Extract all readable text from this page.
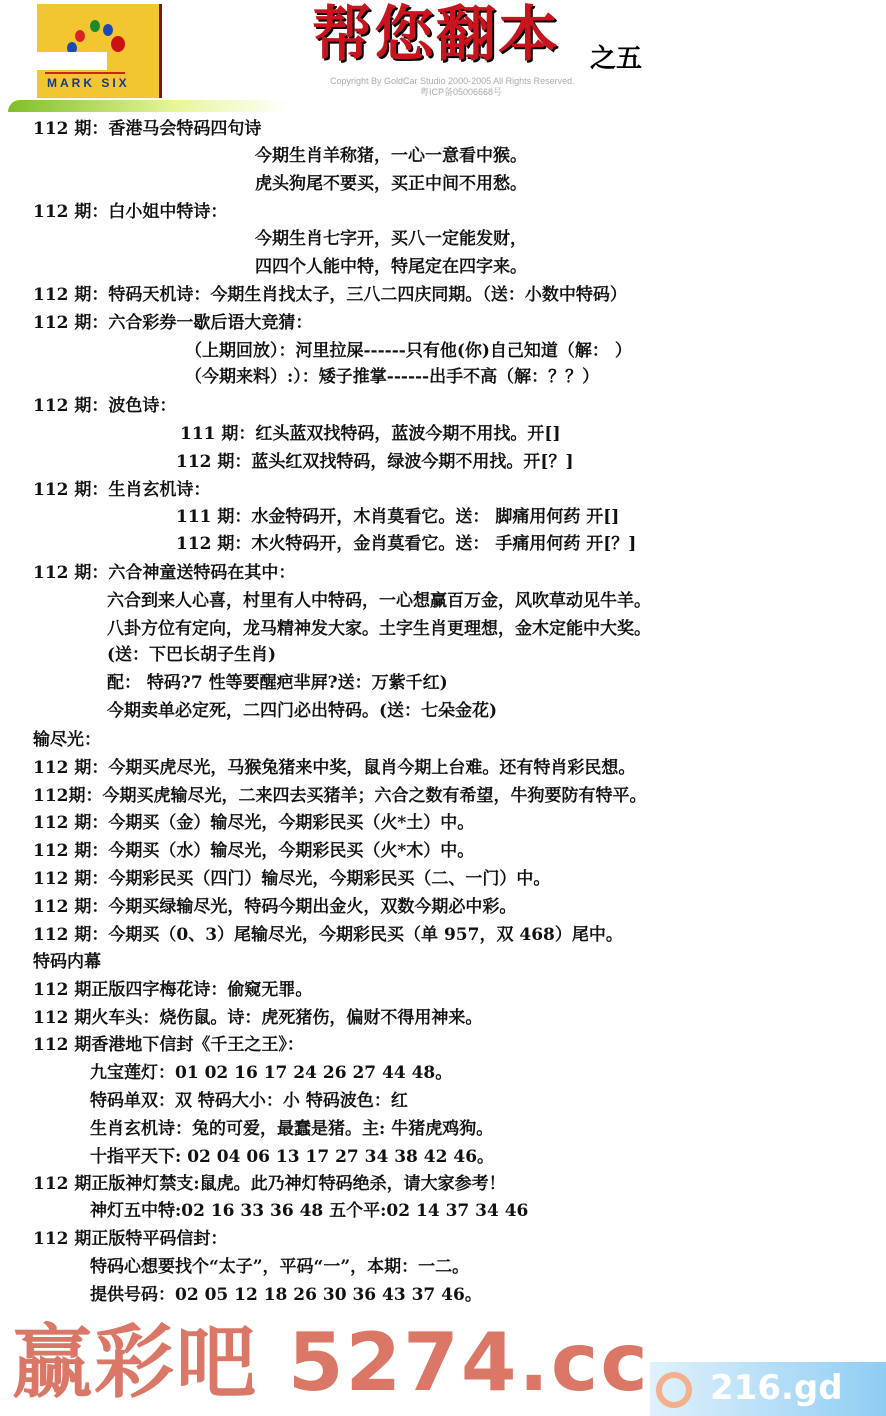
MARK SIX	Copyright By GoldCar Studio 2000-2005 All Rights Reserved.
粤ICP备05006668号
帮您翻本 之五
112 期：香港马会特码四句诗
今期生肖羊称猪，一心一意看中猴。
虎头狗尾不要买，买正中间不用愁。
112 期：白小姐中特诗：
今期生肖七字开，买八一定能发财，
四四个人能中特，特尾定在四字来。
112 期：特码天机诗：今期生肖找太子，三八二四庆同期。（送：小数中特码）
112 期：六合彩券一歇后语大竞猜：
（上期回放）：河里拉屎------只有他(你)自己知道（解： ）
（今期来料）:）：矮子推掌------出手不高（解：？？）
112 期：波色诗：
111 期：红头蓝双找特码，蓝波今期不用找。开[]
112 期：蓝头红双找特码，绿波今期不用找。开[？]
112 期：生肖玄机诗：
111 期：水金特码开，木肖莫看它。送： 脚痛用何药 开[]
112 期：木火特码开，金肖莫看它。送： 手痛用何药 开[？]
112 期：六合神童送特码在其中：
六合到来人心喜，村里有人中特码，一心想赢百万金，风吹草动见牛羊。
八卦方位有定向，龙马精神发大家。土字生肖更理想，金木定能中大奖。
(送：下巴长胡子生肖)
配： 特码?7 性等要醒疤芈屛?送：万紫千红)
今期卖单必定死，二四门必出特码。(送：七朵金花)
输尽光：
112 期：今期买虎尽光，马猴兔猪来中奖，鼠肖今期上台难。还有特肖彩民想。
112期：今期买虎输尽光，二来四去买猪羊；六合之数有希望，牛狗要防有特平。
112 期：今期买（金）输尽光，今期彩民买（火*土）中。
112 期：今期买（水）输尽光，今期彩民买（火*木）中。
112 期：今期彩民买（四门）输尽光，今期彩民买（二、一门）中。
112 期：今期买绿输尽光，特码今期出金火，双数今期必中彩。
112 期：今期买（0、3）尾输尽光，今期彩民买（单 957，双 468）尾中。
特码内幕
112 期正版四字梅花诗：偷窥无罪。
112 期火车头：烧伤鼠。诗：虎死猪伤，偏财不得用神来。
112 期香港地下信封《千王之王》：
九宝莲灯：01 02 16 17 24 26 27 44 48。
特码单双：双 特码大小：小 特码波色：红
生肖玄机诗：兔的可爱，最蠢是猪。主: 牛猪虎鸡狗。
十指平天下: 02 04 06 13 17 27 34 38 42 46。
112 期正版神灯禁支:鼠虎。此乃神灯特码绝杀，请大家参考！
神灯五中特:02 16 33 36 48 五个平:02 14 37 34 46
112 期正版特平码信封：
特码心想要找个“太子”，平码“一”，本期：一二。
提供号码：02 05 12 18 26 30 36 43 37 46。
赢彩吧 5274.cc 216.gd
